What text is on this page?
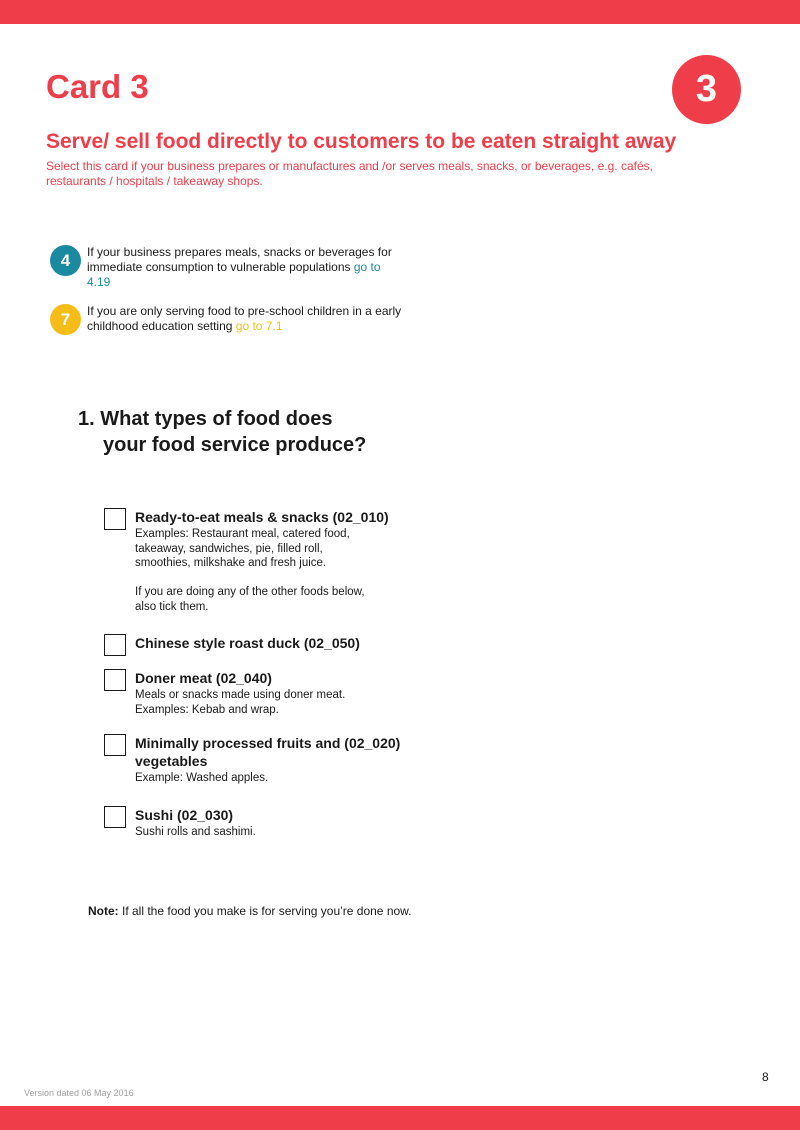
Card 3	3
Serve/ sell food directly to customers to be eaten straight away

Select this card if your business prepares or manufactures and /or serves meals, snacks, or beverages, e.g. cafés, restaurants / hospitals / takeaway shops.

4	If your business prepares meals, snacks or beverages for immediate consumption to vulnerable populations go to 4.19
7	If you are only serving food to pre-school children in a early childhood education setting go to 7.1
1. What types of food does
your food service produce?

Ready-to-eat meals & snacks (02_010)

Examples: Restaurant meal, catered food,
takeaway, sandwiches, pie, filled roll,
smoothies, milkshake and fresh juice.

If you are doing any of the other foods below,
also tick them.

Chinese style roast duck (02_050)

Doner meat (02_040)

Meals or snacks made using doner meat.
Examples: Kebab and wrap.

Minimally processed fruits and (02_020) vegetables

Example: Washed apples.

Sushi (02_030)

Sushi rolls and sashimi.

Note: If all the food you make is for serving you’re done now.

8
Version dated 06 May 2016
